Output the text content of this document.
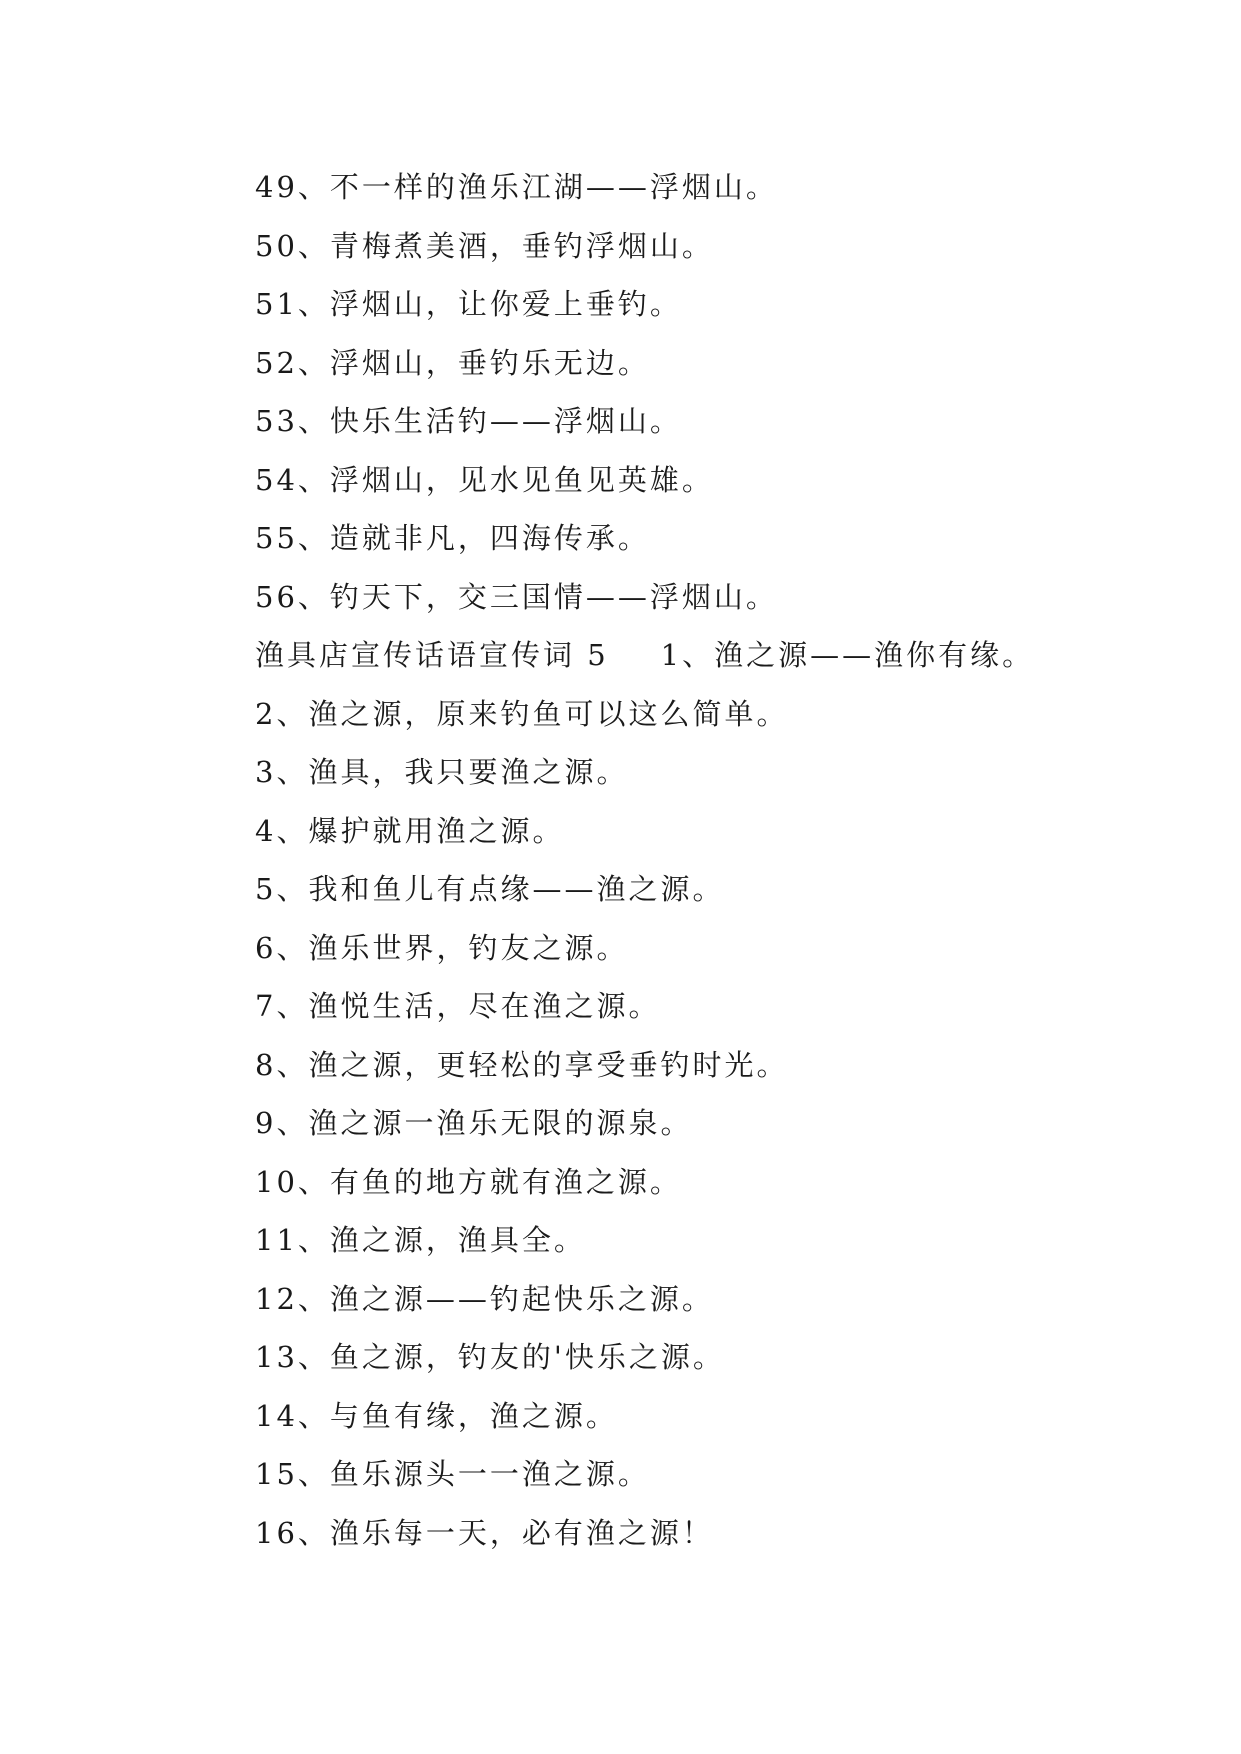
49、不一样的渔乐江湖——浮烟山。
50、青梅煮美酒，垂钓浮烟山。
51、浮烟山，让你爱上垂钓。
52、浮烟山，垂钓乐无边。
53、快乐生活钓——浮烟山。
54、浮烟山，见水见鱼见英雄。
55、造就非凡，四海传承。
56、钓天下，交三国情——浮烟山。
渔具店宣传话语宣传词 5 1、渔之源——渔你有缘。
2、渔之源，原来钓鱼可以这么简单。
3、渔具，我只要渔之源。
4、爆护就用渔之源。
5、我和鱼儿有点缘——渔之源。
6、渔乐世界，钓友之源。
7、渔悦生活，尽在渔之源。
8、渔之源，更轻松的享受垂钓时光。
9、渔之源一渔乐无限的源泉。
10、有鱼的地方就有渔之源。
11、渔之源，渔具全。
12、渔之源——钓起快乐之源。
13、鱼之源，钓友的'快乐之源。
14、与鱼有缘，渔之源。
15、鱼乐源头一一渔之源。
16、渔乐每一天，必有渔之源！
